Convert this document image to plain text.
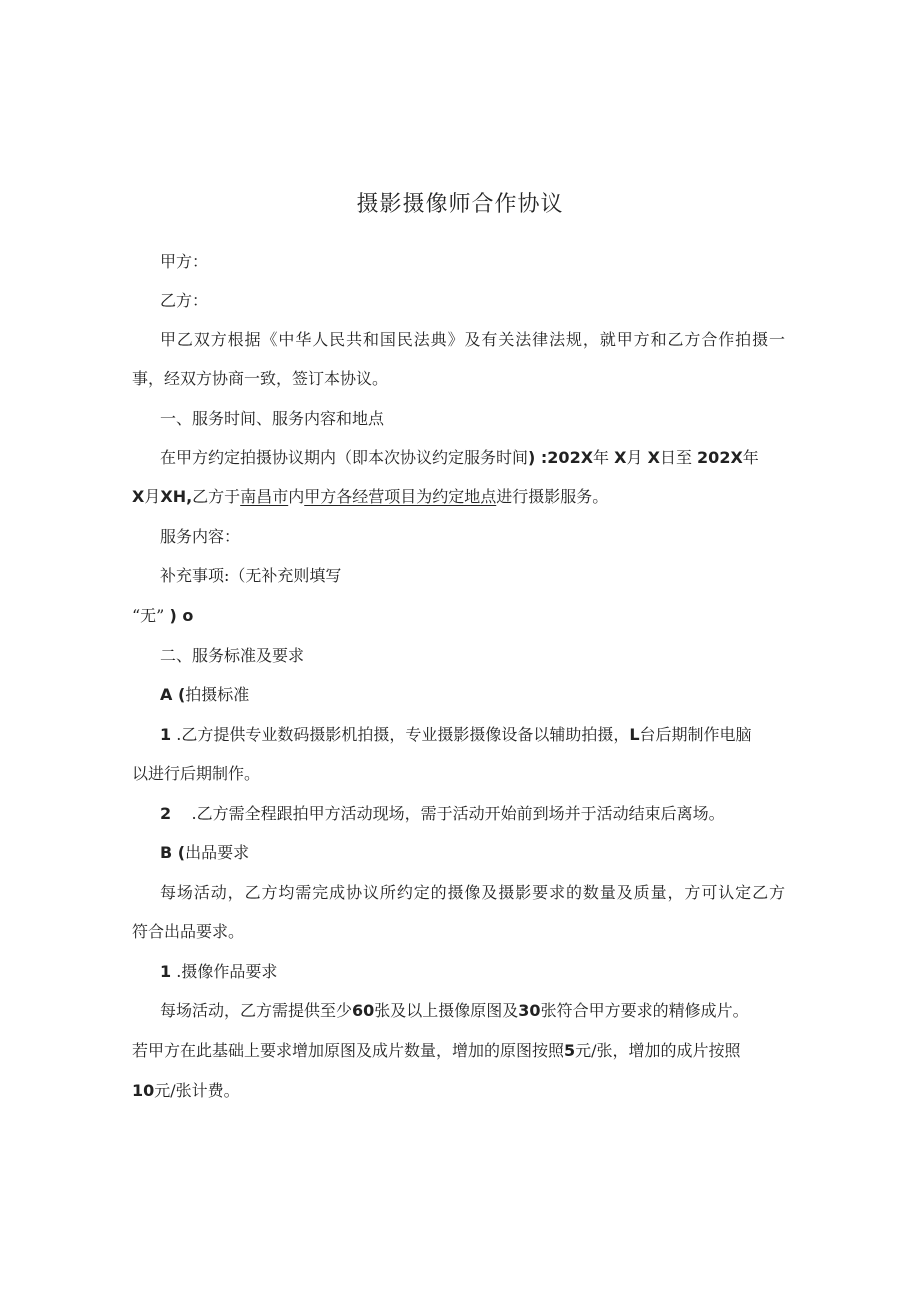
摄影摄像师合作协议
甲方：
乙方：
甲乙双方根据《中华人民共和国民法典》及有关法律法规，就甲方和乙方合作拍摄一
事，经双方协商一致，签订本协议。
一、服务时间、服务内容和地点
在甲方约定拍摄协议期内（即本次协议约定服务时间) :202X年 X月 X日至 202X年
X月XH,乙方于南昌市内甲方各经营项目为约定地点进行摄影服务。
服务内容：
补充事项:（无补充则填写
“无” ) o
二、服务标准及要求
A (拍摄标准
1 .乙方提供专业数码摄影机拍摄，专业摄影摄像设备以辅助拍摄，L台后期制作电脑
以进行后期制作。
2 .乙方需全程跟拍甲方活动现场，需于活动开始前到场并于活动结束后离场。
B (出品要求
每场活动，乙方均需完成协议所约定的摄像及摄影要求的数量及质量，方可认定乙方
符合出品要求。
1 .摄像作品要求
每场活动，乙方需提供至少60张及以上摄像原图及30张符合甲方要求的精修成片。
若甲方在此基础上要求增加原图及成片数量，增加的原图按照5元/张，增加的成片按照
10元/张计费。
